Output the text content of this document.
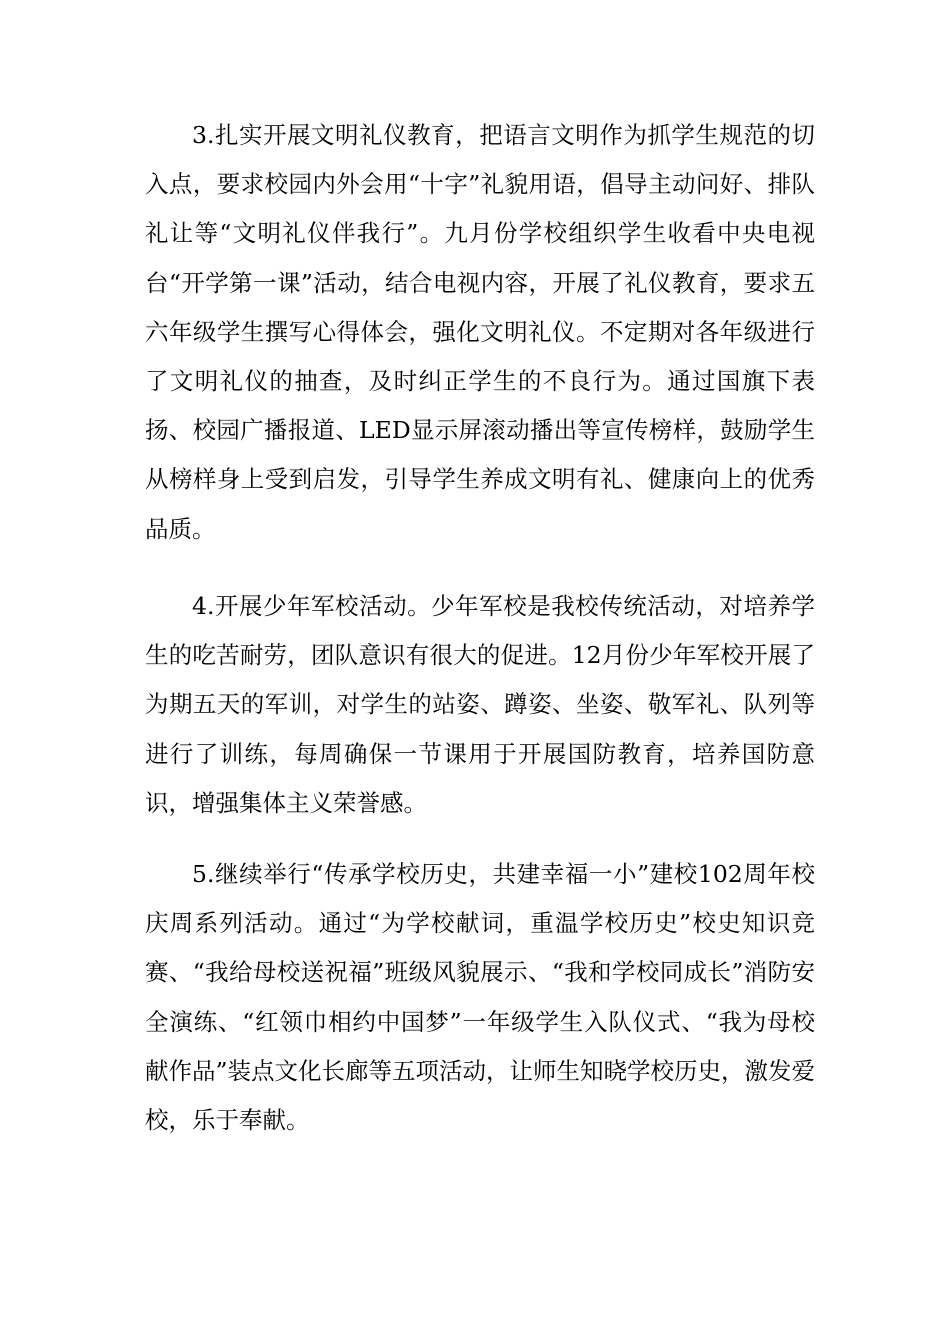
3.扎实开展文明礼仪教育，把语言文明作为抓学生规范的切入点，要求校园内外会用“十字”礼貌用语，倡导主动问好、排队礼让等“文明礼仪伴我行”。九月份学校组织学生收看中央电视台“开学第一课”活动，结合电视内容，开展了礼仪教育，要求五六年级学生撰写心得体会，强化文明礼仪。不定期对各年级进行了文明礼仪的抽查，及时纠正学生的不良行为。通过国旗下表扬、校园广播报道、LED显示屏滚动播出等宣传榜样，鼓励学生从榜样身上受到启发，引导学生养成文明有礼、健康向上的优秀品质。

4.开展少年军校活动。少年军校是我校传统活动，对培养学生的吃苦耐劳，团队意识有很大的促进。12月份少年军校开展了为期五天的军训，对学生的站姿、蹲姿、坐姿、敬军礼、队列等进行了训练，每周确保一节课用于开展国防教育，培养国防意识，增强集体主义荣誉感。

5.继续举行“传承学校历史，共建幸福一小”建校102周年校庆周系列活动。通过“为学校献词，重温学校历史”校史知识竞赛、“我给母校送祝福”班级风貌展示、“我和学校同成长”消防安全演练、“红领巾相约中国梦”一年级学生入队仪式、“我为母校献作品”装点文化长廊等五项活动，让师生知晓学校历史，激发爱校，乐于奉献。
